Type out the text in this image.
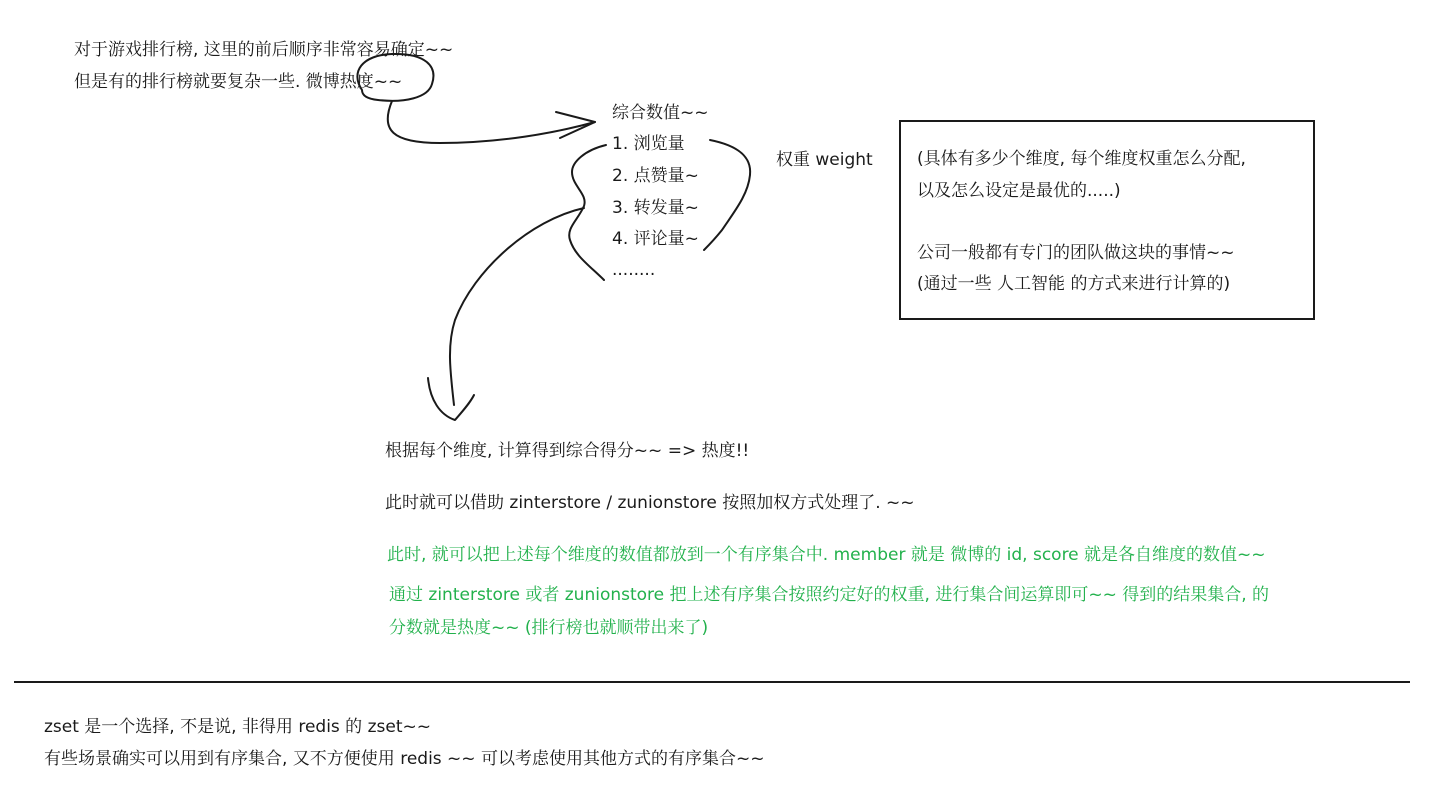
对于游戏排行榜, 这里的前后顺序非常容易确定~~
但是有的排行榜就要复杂一些. 微博热度~~
综合数值~~
1. 浏览量
2. 点赞量~
3. 转发量~
4. 评论量~
........
权重 weight	(具体有多少个维度, 每个维度权重怎么分配,
以及怎么设定是最优的.....)
公司一般都有专门的团队做这块的事情~~
(通过一些 人工智能 的方式来进行计算的)
根据每个维度, 计算得到综合得分~~ => 热度!!
此时就可以借助 zinterstore / zunionstore 按照加权方式处理了. ~~
此时, 就可以把上述每个维度的数值都放到一个有序集合中. member 就是 微博的 id, score 就是各自维度的数值~~
通过 zinterstore 或者 zunionstore 把上述有序集合按照约定好的权重, 进行集合间运算即可~~ 得到的结果集合, 的
分数就是热度~~ (排行榜也就顺带出来了)
zset 是一个选择, 不是说, 非得用 redis 的 zset~~
有些场景确实可以用到有序集合, 又不方便使用 redis ~~ 可以考虑使用其他方式的有序集合~~
